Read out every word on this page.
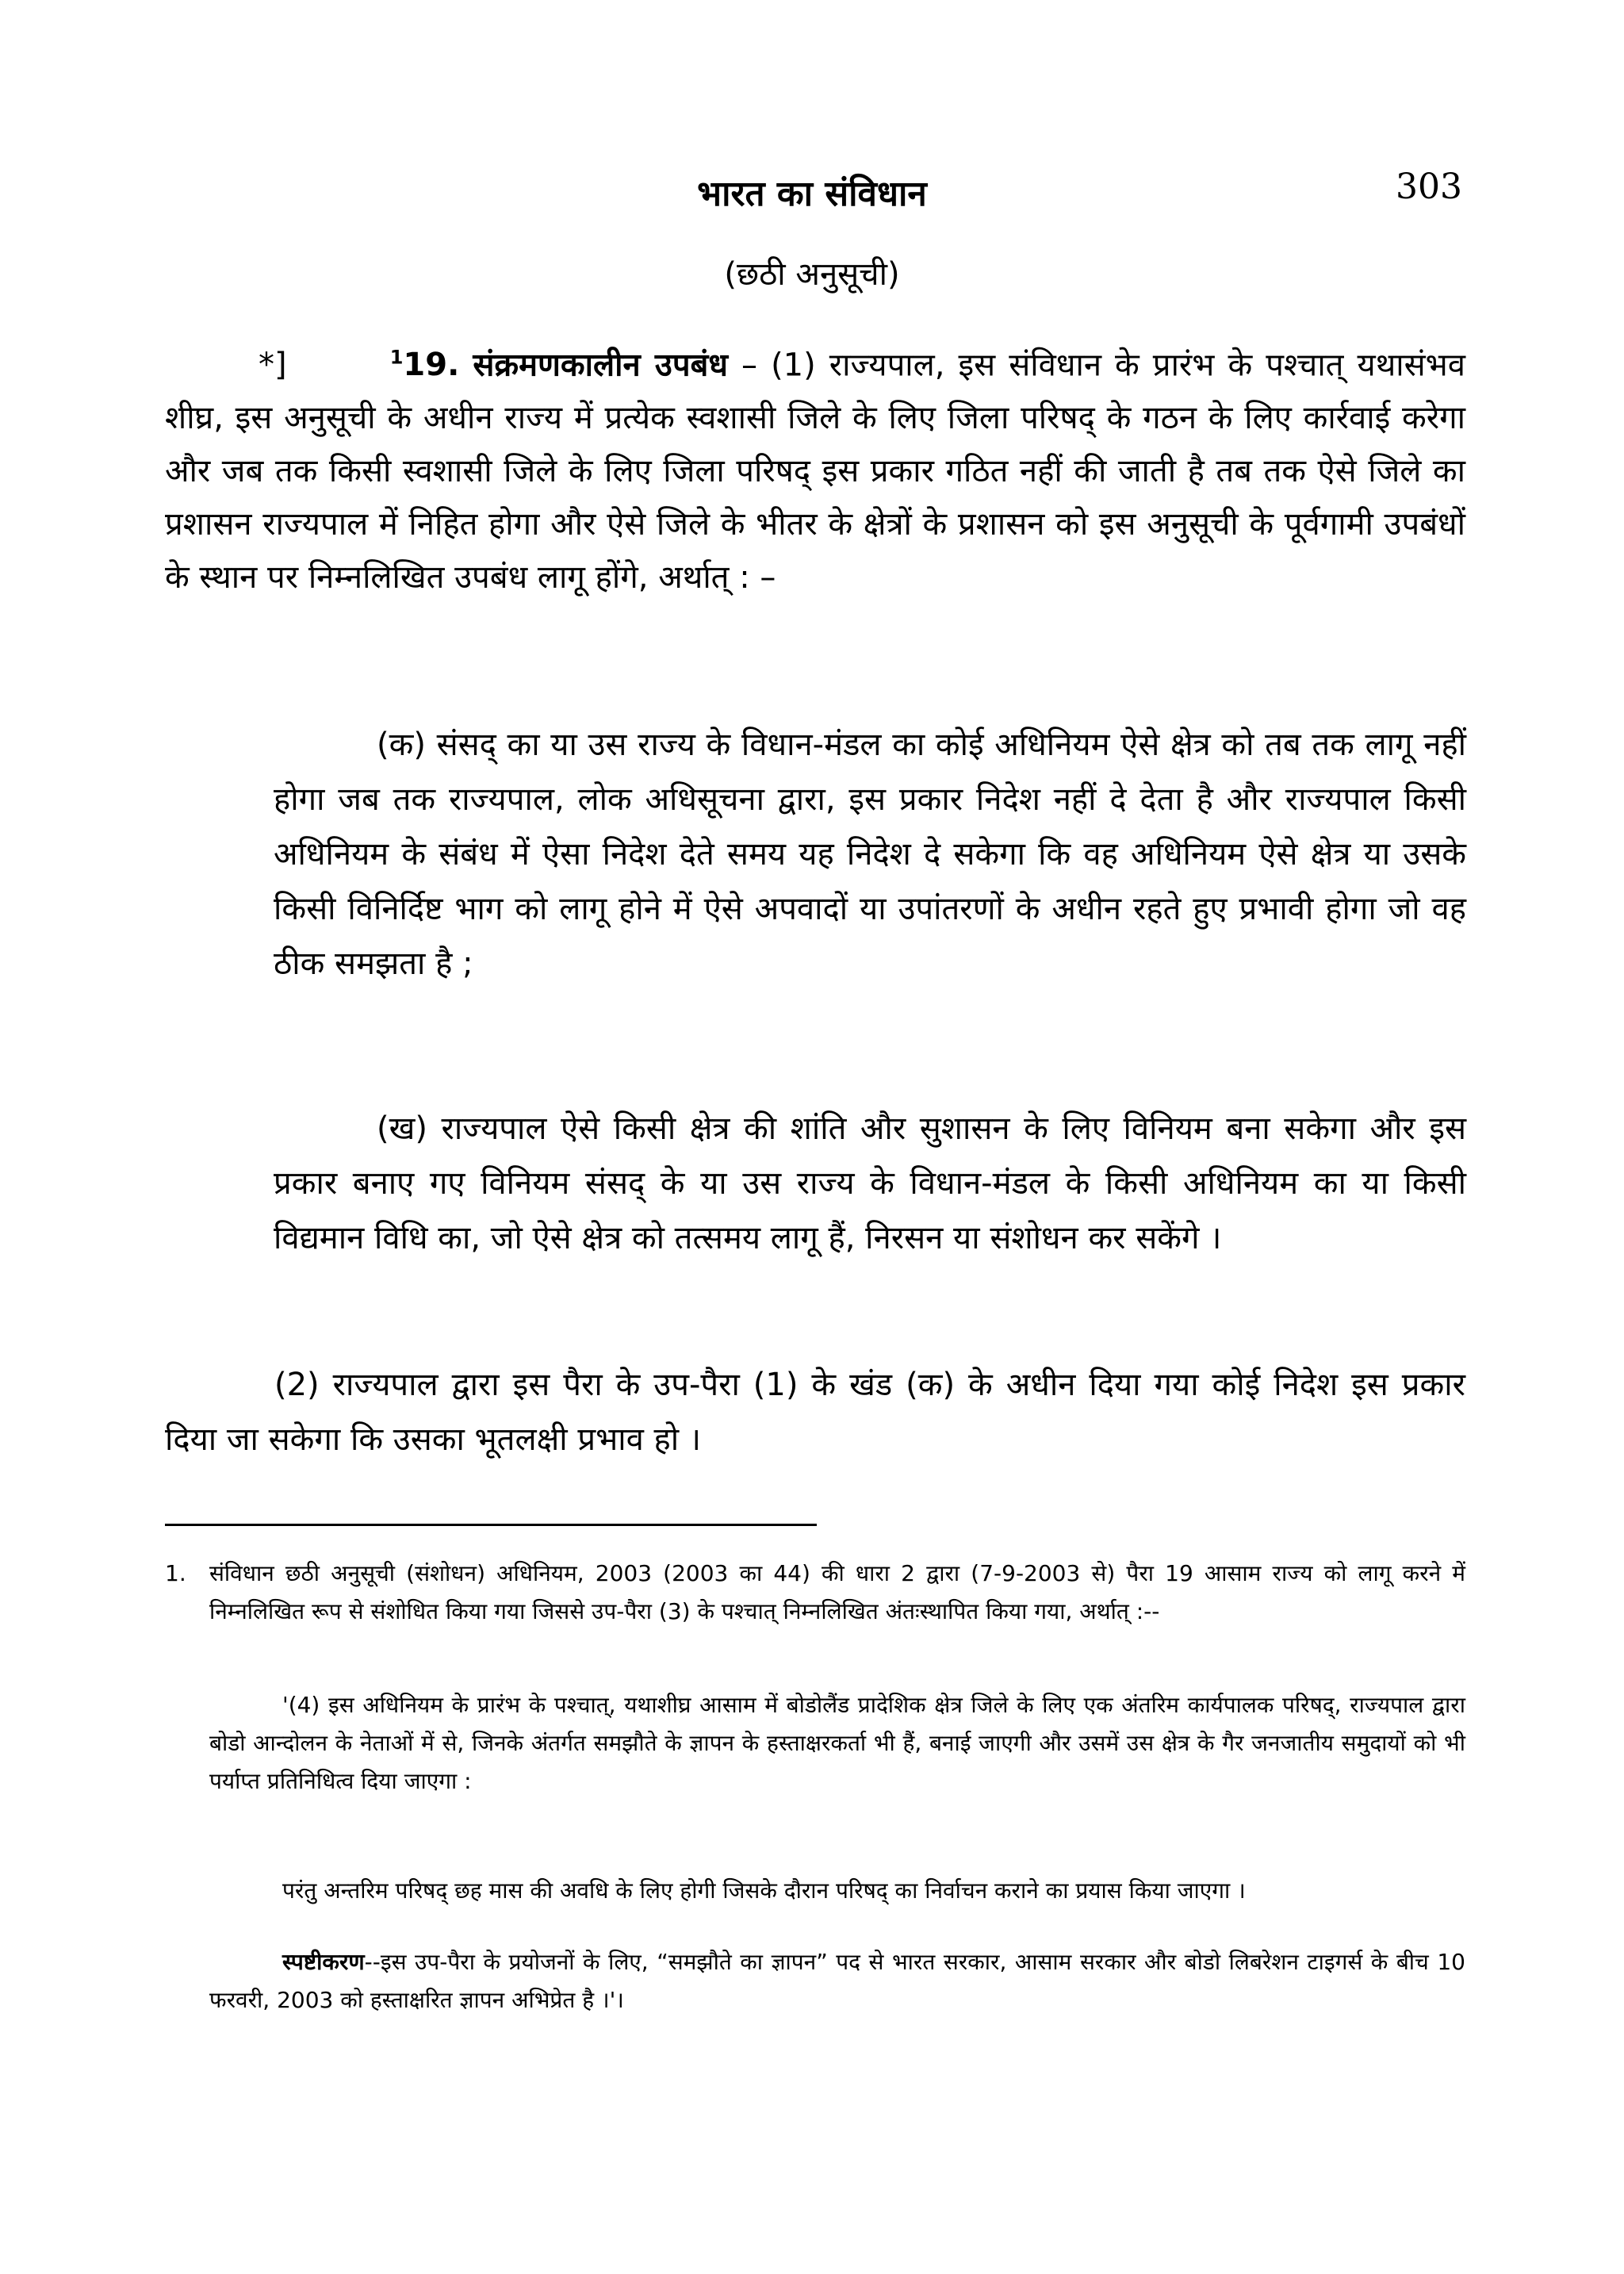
भारत का संविधान	303
(छठी अनुसूची)
*]	$^1$19. संक्रमणकालीन उपबंध – (1) राज्यपाल, इस संविधान के प्रारंभ के पश्चात् यथासंभव शीघ्र, इस अनुसूची के अधीन राज्य में प्रत्येक स्वशासी जिले के लिए जिला परिषद् के गठन के लिए कार्रवाई करेगा और जब तक किसी स्वशासी जिले के लिए जिला परिषद् इस प्रकार गठित नहीं की जाती है तब तक ऐसे जिले का प्रशासन राज्यपाल में निहित होगा और ऐसे जिले के भीतर के क्षेत्रों के प्रशासन को इस अनुसूची के पूर्वगामी उपबंधों के स्थान पर निम्नलिखित उपबंध लागू होंगे, अर्थात् : –
(क) संसद् का या उस राज्य के विधान-मंडल का कोई अधिनियम ऐसे क्षेत्र को तब तक लागू नहीं होगा जब तक राज्यपाल, लोक अधिसूचना द्वारा, इस प्रकार निदेश नहीं दे देता है और राज्यपाल किसी अधिनियम के संबंध में ऐसा निदेश देते समय यह निदेश दे सकेगा कि वह अधिनियम ऐसे क्षेत्र या उसके किसी विनिर्दिष्ट भाग को लागू होने में ऐसे अपवादों या उपांतरणों के अधीन रहते हुए प्रभावी होगा जो वह ठीक समझता है ;
(ख) राज्यपाल ऐसे किसी क्षेत्र की शांति और सुशासन के लिए विनियम बना सकेगा और इस प्रकार बनाए गए विनियम संसद् के या उस राज्य के विधान-मंडल के किसी अधिनियम का या किसी विद्यमान विधि का, जो ऐसे क्षेत्र को तत्समय लागू हैं, निरसन या संशोधन कर सकेंगे ।
(2) राज्यपाल द्वारा इस पैरा के उप-पैरा (1) के खंड (क) के अधीन दिया गया कोई निदेश इस प्रकार दिया जा सकेगा कि उसका भूतलक्षी प्रभाव हो ।
1. संविधान छठी अनुसूची (संशोधन) अधिनियम, 2003 (2003 का 44) की धारा 2 द्वारा (7-9-2003 से) पैरा 19 आसाम राज्य को लागू करने में निम्नलिखित रूप से संशोधित किया गया जिससे उप-पैरा (3) के पश्चात् निम्नलिखित अंतःस्थापित किया गया, अर्थात् :--
'(4) इस अधिनियम के प्रारंभ के पश्चात्, यथाशीघ्र आसाम में बोडोलैंड प्रादेशिक क्षेत्र जिले के लिए एक अंतरिम कार्यपालक परिषद्, राज्यपाल द्वारा बोडो आन्दोलन के नेताओं में से, जिनके अंतर्गत समझौते के ज्ञापन के हस्ताक्षरकर्ता भी हैं, बनाई जाएगी और उसमें उस क्षेत्र के गैर जनजातीय समुदायों को भी पर्याप्त प्रतिनिधित्व दिया जाएगा :
परंतु अन्तरिम परिषद् छह मास की अवधि के लिए होगी जिसके दौरान परिषद् का निर्वाचन कराने का प्रयास किया जाएगा ।
स्पष्टीकरण--इस उप-पैरा के प्रयोजनों के लिए, “समझौते का ज्ञापन” पद से भारत सरकार, आसाम सरकार और बोडो लिबरेशन टाइगर्स के बीच 10 फरवरी, 2003 को हस्ताक्षरित ज्ञापन अभिप्रेत है ।'।
